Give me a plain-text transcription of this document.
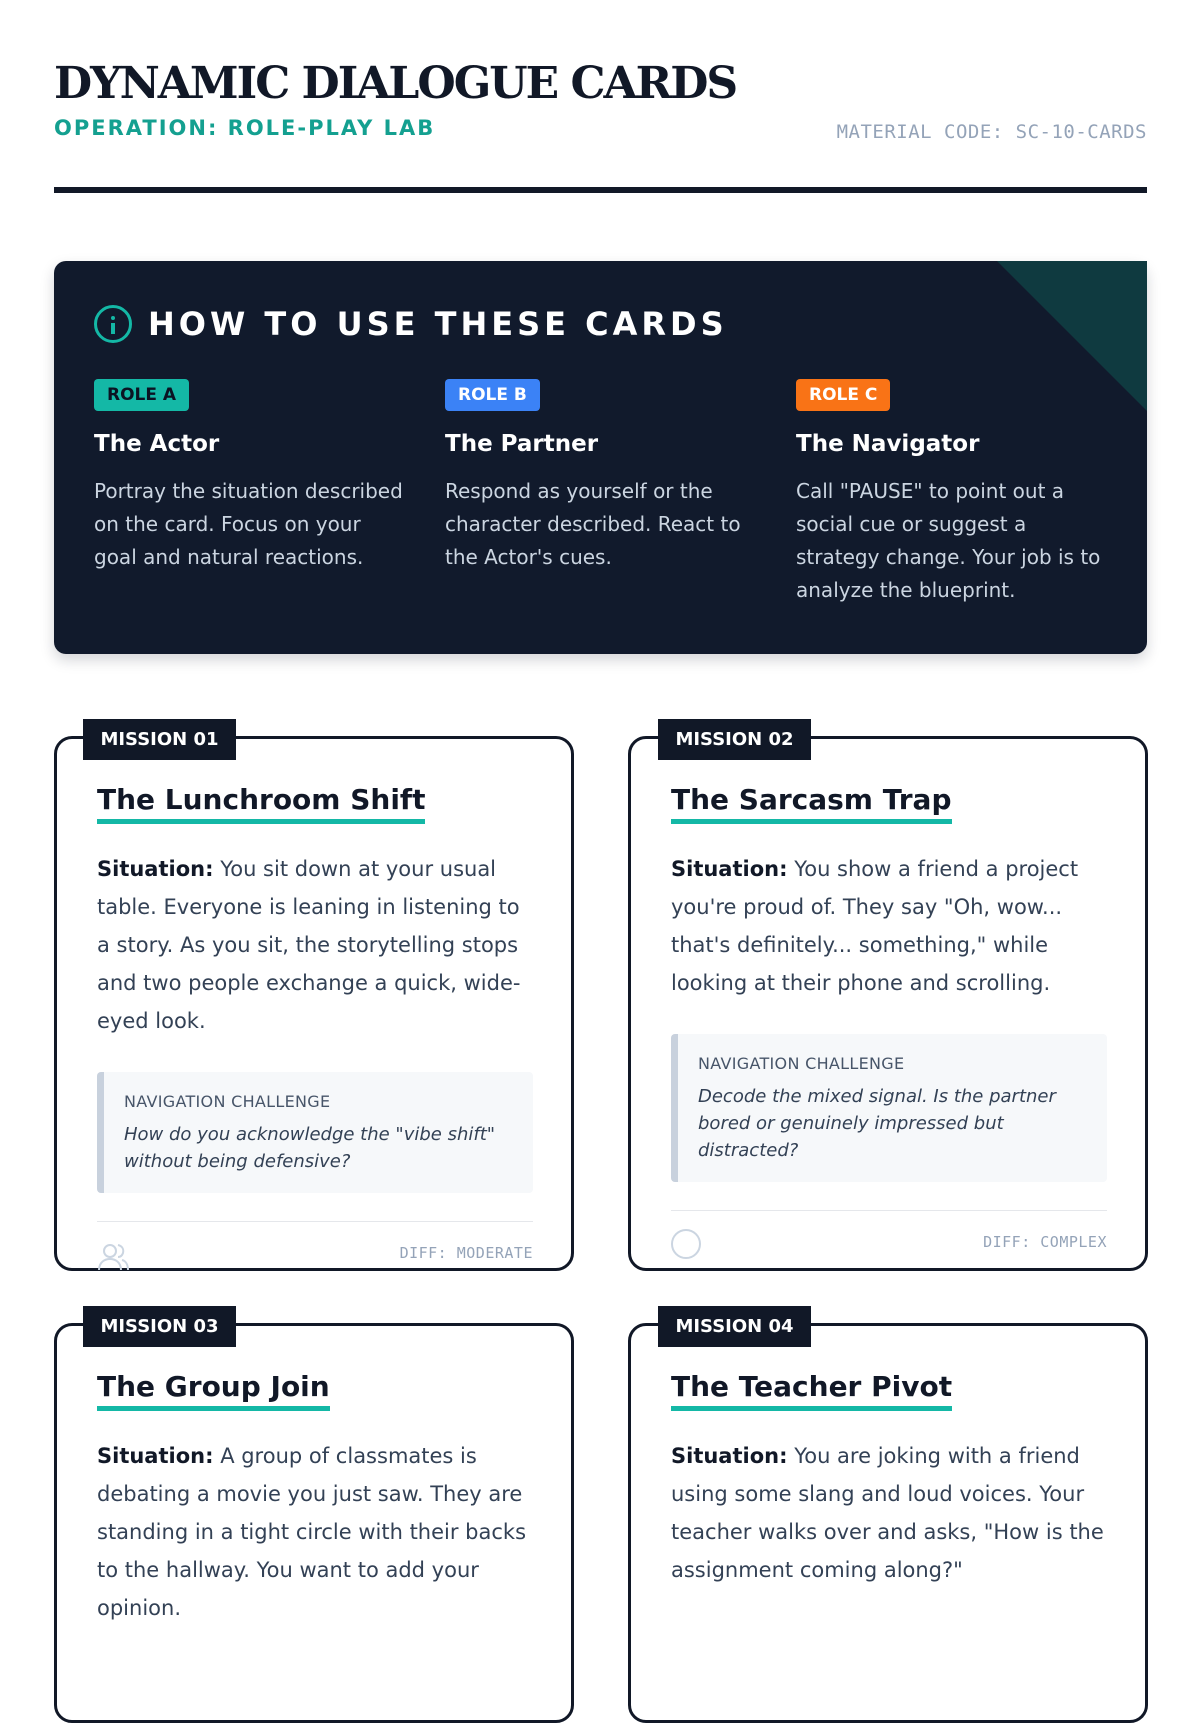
DYNAMIC DIALOGUE CARDS
OPERATION: ROLE-PLAY LAB	MATERIAL CODE: SC-10-CARDS
HOW TO USE THESE CARDS
ROLE A
The Actor

Portray the situation described on the card. Focus on your goal and natural reactions.

ROLE B
The Partner

Respond as yourself or the character described. React to the Actor's cues.

ROLE C
The Navigator

Call "PAUSE" to point out a social cue or suggest a strategy change. Your job is to analyze the blueprint.

MISSION 01
The Lunchroom Shift

Situation: You sit down at your usual table. Everyone is leaning in listening to a story. As you sit, the storytelling stops and two people exchange a quick, wide-eyed look.

NAVIGATION CHALLENGE
How do you acknowledge the "vibe shift" without being defensive?
DIFF: MODERATE
MISSION 02
The Sarcasm Trap

Situation: You show a friend a project you're proud of. They say "Oh, wow... that's definitely... something," while looking at their phone and scrolling.

NAVIGATION CHALLENGE
Decode the mixed signal. Is the partner bored or genuinely impressed but distracted?
DIFF: COMPLEX
MISSION 03
The Group Join

Situation: A group of classmates is debating a movie you just saw. They are standing in a tight circle with their backs to the hallway. You want to add your opinion.

MISSION 04
The Teacher Pivot

Situation: You are joking with a friend using some slang and loud voices. Your teacher walks over and asks, "How is the assignment coming along?"
